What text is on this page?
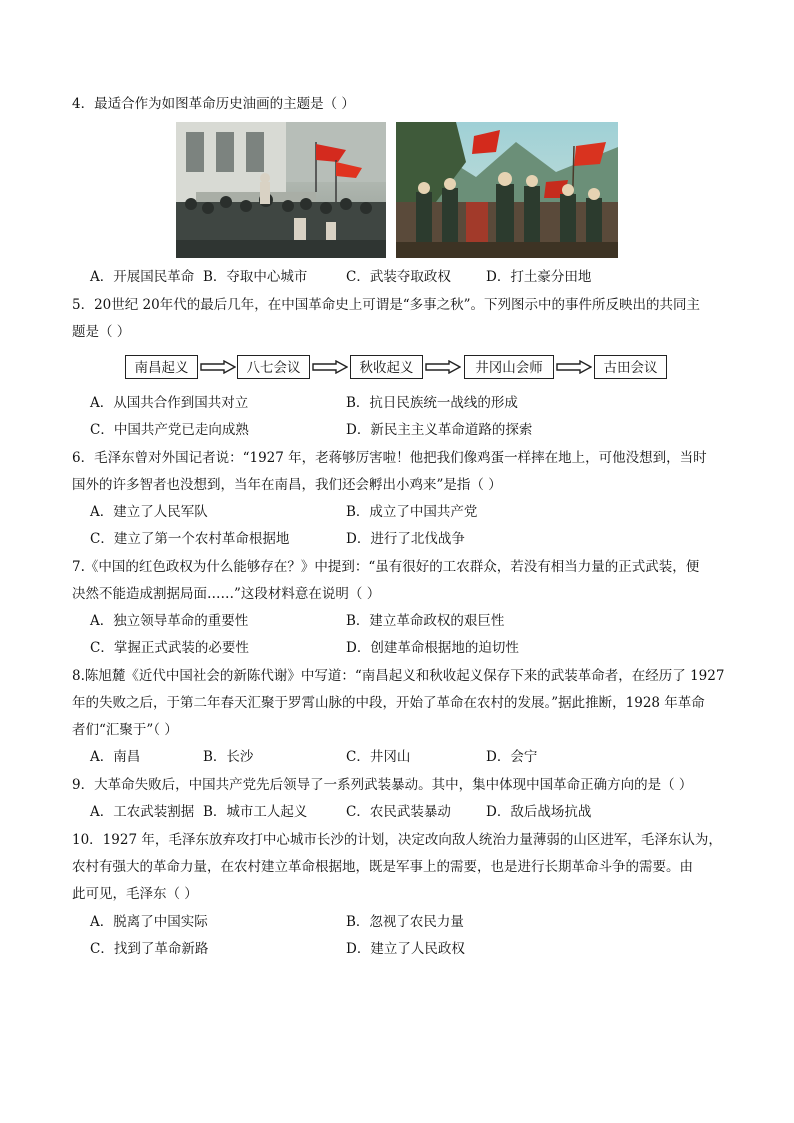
4．最适合作为如图革命历史油画的主题是（ ）
A．开展国民革命 B．夺取中心城市	C．武装夺取政权	D．打土豪分田地
5．20世纪 20年代的最后几年，在中国革命史上可谓是“多事之秋”。下列图示中的事件所反映出的共同主
题是（ ）
南昌起义	八七会议	秋收起义	井冈山会师	古田会议
A．从国共合作到国共对立	B．抗日民族统一战线的形成
C．中国共产党已走向成熟	D．新民主主义革命道路的探索
6．毛泽东曾对外国记者说：“1927 年，老蒋够厉害啦！他把我们像鸡蛋一样摔在地上，可他没想到，当时
国外的许多智者也没想到，当年在南昌，我们还会孵出小鸡来”是指（ ）
A．建立了人民军队	B．成立了中国共产党
C．建立了第一个农村革命根据地	D．进行了北伐战争
7.《中国的红色政权为什么能够存在？》中提到：“虽有很好的工农群众，若没有相当力量的正式武装，便
决然不能造成割据局面……”这段材料意在说明（ ）
A．独立领导革命的重要性	B．建立革命政权的艰巨性
C．掌握正式武装的必要性	D．创建革命根据地的迫切性
8.陈旭麓《近代中国社会的新陈代谢》中写道：“南昌起义和秋收起义保存下来的武装革命者，在经历了 1927
年的失败之后，于第二年春天汇聚于罗霄山脉的中段，开始了革命在农村的发展。”据此推断，1928 年革命
者们“汇聚于”（ ）
A．南昌	B．长沙	C．井冈山	D．会宁
9．大革命失败后，中国共产党先后领导了一系列武装暴动。其中，集中体现中国革命正确方向的是（ ）
A．工农武装割据 B．城市工人起义	C．农民武装暴动	D．敌后战场抗战
10．1927 年，毛泽东放弃攻打中心城市长沙的计划，决定改向敌人统治力量薄弱的山区进军，毛泽东认为，
农村有强大的革命力量，在农村建立革命根据地，既是军事上的需要，也是进行长期革命斗争的需要。由
此可见，毛泽东（ ）
A．脱离了中国实际	B．忽视了农民力量
C．找到了革命新路	D．建立了人民政权
